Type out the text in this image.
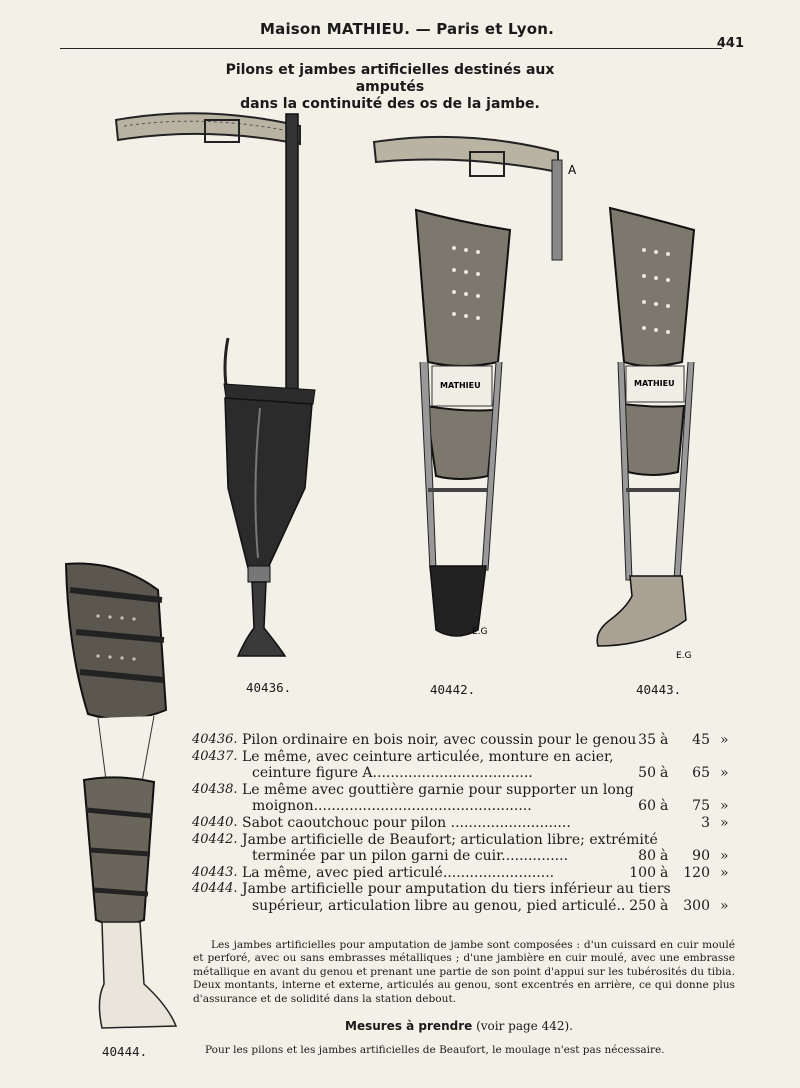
Maison MATHIEU. — Paris et Lyon.
441
Pilons et jambes artificielles destinés aux amputés
dans la continuité des os de la jambe.
40436.
A
MATHIEU
E.G
40442.
MATHIEU
E.G
40443.
40444.
40436. Pilon ordinaire en bois noir, avec coussin pour le genou 35 à	45 »
40437. Le même, avec ceinture articulée, monture en acier,
ceinture figure A....................................	50 à	65 »
40438. Le même avec gouttière garnie pour supporter un long
moignon.................................................	60 à	75 »
40440. Sabot caoutchouc pour pilon ...........................	3 »
40442. Jambe artificielle de Beaufort; articulation libre; extrémité
terminée par un pilon garni de cuir...............	80 à	90 »
40443. La même, avec pied articulé.........................	100 à 120 »
40444. Jambe artificielle pour amputation du tiers inférieur au tiers
supérieur, articulation libre au genou, pied articulé.. 250 à 300 »

Les jambes artificielles pour amputation de jambe sont composées : d'un cuissard en cuir moulé et perforé, avec ou sans embrasses métalliques ; d'une jambière en cuir moulé, avec une embrasse métallique en avant du genou et prenant une partie de son point d'appui sur les tubérosités du tibia. Deux montants, interne et externe, articulés au genou, sont excentrés en arrière, ce qui donne plus d'assurance et de solidité dans la station debout.

Mesures à prendre (voir page 442).
Pour les pilons et les jambes artificielles de Beaufort, le moulage n'est pas nécessaire.
